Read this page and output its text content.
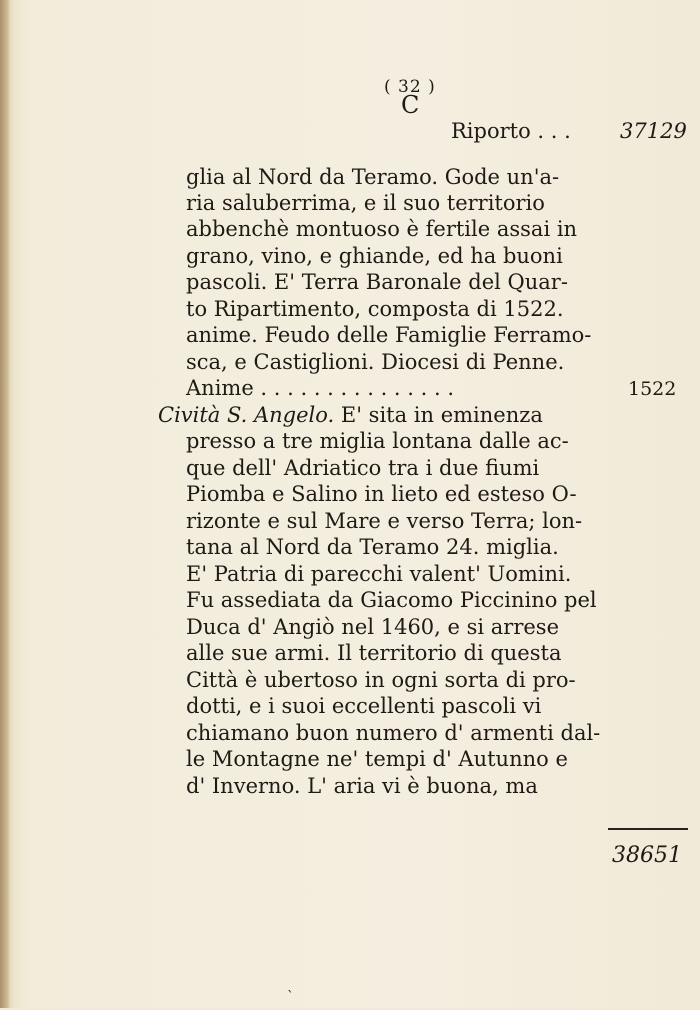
( 32 )
C
Riporto . . . 37129
glia al Nord da Teramo. Gode un'a-
ria saluberrima, e il suo territorio
abbenchè montuoso è fertile assai in
grano, vino, e ghiande, ed ha buoni
pascoli. E' Terra Baronale del Quar-
to Ripartimento, composta di 1522.
anime. Feudo delle Famiglie Ferramo-
sca, e Castiglioni. Diocesi di Penne.
Anime . . . . . . . . . . . . . . .	1522
Cività S. Angelo. E' sita in eminenza
presso a tre miglia lontana dalle ac-
que dell' Adriatico tra i due fiumi
Piomba e Salino in lieto ed esteso O-
rizonte e sul Mare e verso Terra; lon-
tana al Nord da Teramo 24. miglia.
E' Patria di parecchi valent' Uomini.
Fu assediata da Giacomo Piccinino pel
Duca d' Angiò nel 1460, e si arrese
alle sue armi. Il territorio di questa
Città è ubertoso in ogni sorta di pro-
dotti, e i suoi eccellenti pascoli vi
chiamano buon numero d' armenti dal-
le Montagne ne' tempi d' Autunno e
d' Inverno. L' aria vi è buona, ma
38651
`
